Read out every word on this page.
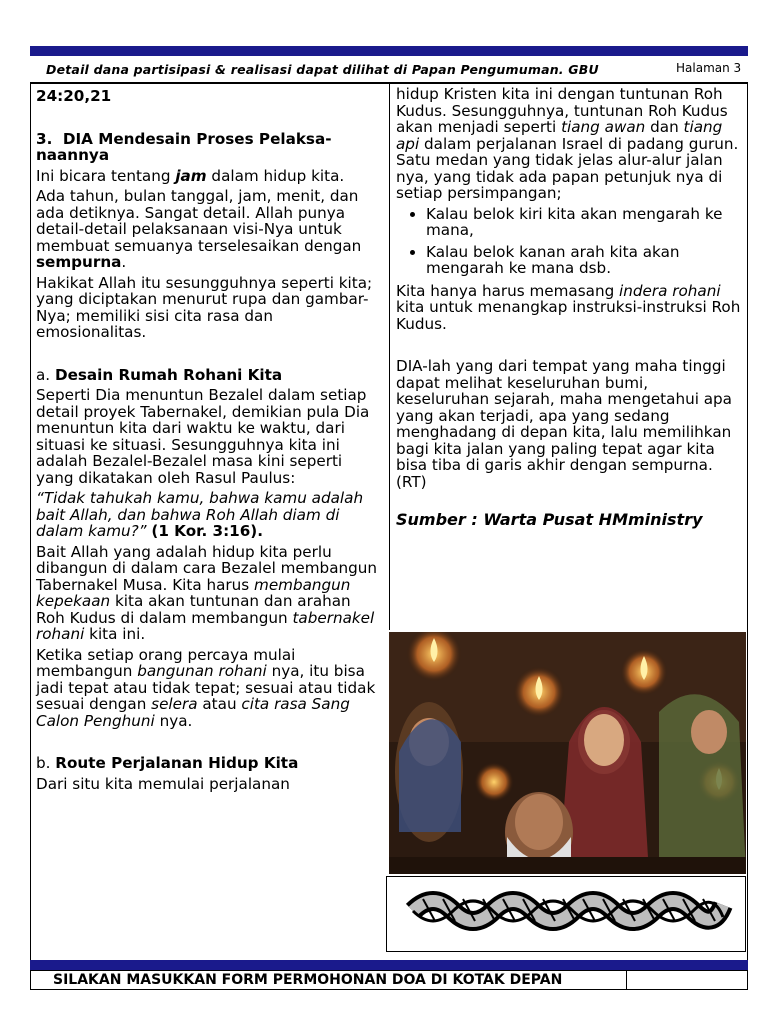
Detail dana partisipasi & realisasi dapat dilihat di Papan Pengumuman. GBU	Halaman 3

24:20,21

3. DIA Mendesain Proses Pelaksa-naannya

Ini bicara tentang jam dalam hidup kita.

Ada tahun, bulan tanggal, jam, menit, dan ada detiknya. Sangat detail. Allah punya detail-detail pelaksanaan visi-Nya untuk membuat semuanya terselesaikan dengan sempurna.

Hakikat Allah itu sesungguhnya seperti kita; yang diciptakan menurut rupa dan gambar-Nya; memiliki sisi cita rasa dan emosionalitas.

a. Desain Rumah Rohani Kita

Seperti Dia menuntun Bezalel dalam setiap detail proyek Tabernakel, demikian pula Dia menuntun kita dari waktu ke waktu, dari situasi ke situasi. Sesungguhnya kita ini adalah Bezalel-Bezalel masa kini seperti yang dikatakan oleh Rasul Paulus:

“Tidak tahukah kamu, bahwa kamu adalah bait Allah, dan bahwa Roh Allah diam di dalam kamu?” (1 Kor. 3:16).

Bait Allah yang adalah hidup kita perlu dibangun di dalam cara Bezalel membangun Tabernakel Musa. Kita harus membangun kepekaan kita akan tuntunan dan arahan Roh Kudus di dalam membangun tabernakel rohani kita ini.

Ketika setiap orang percaya mulai membangun bangunan rohani nya, itu bisa jadi tepat atau tidak tepat; sesuai atau tidak sesuai dengan selera atau cita rasa Sang Calon Penghuni nya.

b. Route Perjalanan Hidup Kita

Dari situ kita memulai perjalanan

hidup Kristen kita ini dengan tuntunan Roh Kudus. Sesungguhnya, tuntunan Roh Kudus akan menjadi seperti tiang awan dan tiang api dalam perjalanan Israel di padang gurun. Satu medan yang tidak jelas alur-alur jalan nya, yang tidak ada papan petunjuk nya di setiap persimpangan;

• Kalau belok kiri kita akan mengarah ke mana,
• Kalau belok kanan arah kita akan mengarah ke mana dsb.

Kita hanya harus memasang indera rohani kita untuk menangkap instruksi-instruksi Roh Kudus.

DIA-lah yang dari tempat yang maha tinggi dapat melihat keseluruhan bumi, keseluruhan sejarah, maha mengetahui apa yang akan terjadi, apa yang sedang menghadang di depan kita, lalu memilihkan bagi kita jalan yang paling tepat agar kita bisa tiba di garis akhir dengan sempurna. (RT)

Sumber : Warta Pusat HMministry

SILAKAN MASUKKAN FORM PERMOHONAN DOA DI KOTAK DEPAN
